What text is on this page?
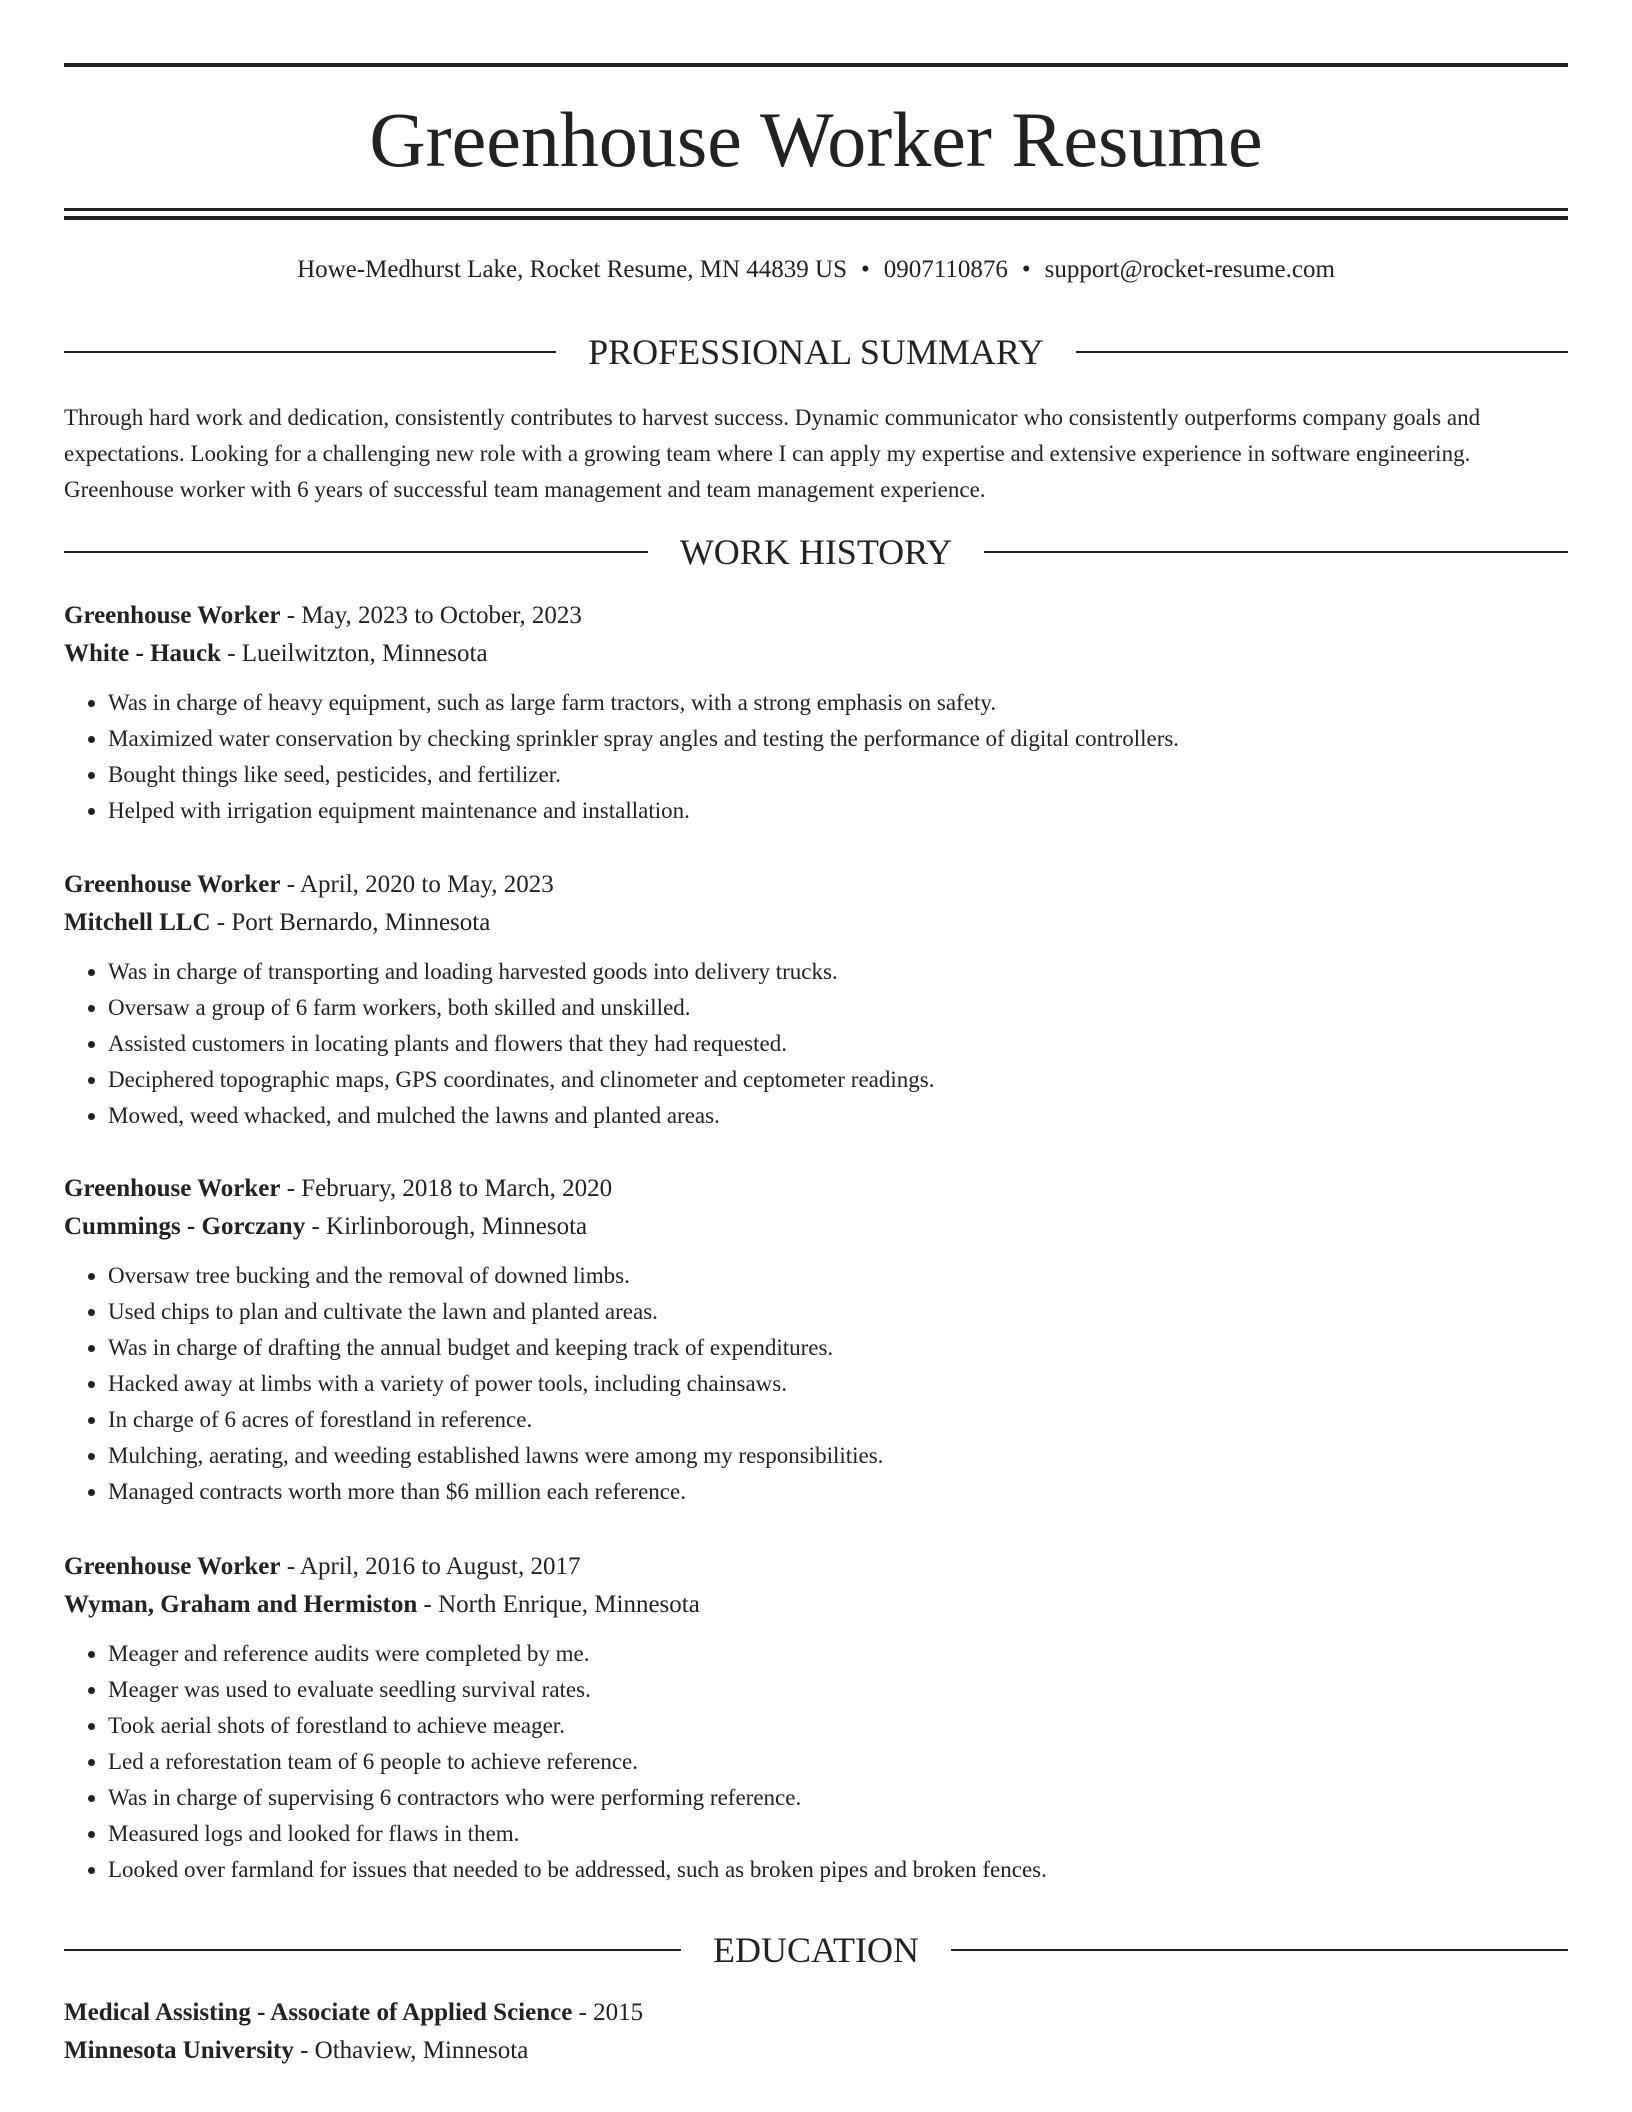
Greenhouse Worker Resume
Howe-Medhurst Lake, Rocket Resume, MN 44839 US • 0907110876 • support@rocket-resume.com
PROFESSIONAL SUMMARY

Through hard work and dedication, consistently contributes to harvest success. Dynamic communicator who consistently outperforms company goals and expectations. Looking for a challenging new role with a growing team where I can apply my expertise and extensive experience in software engineering. Greenhouse worker with 6 years of successful team management and team management experience.

WORK HISTORY

Greenhouse Worker - May, 2023 to October, 2023

White - Hauck - Lueilwitzton, Minnesota

• Was in charge of heavy equipment, such as large farm tractors, with a strong emphasis on safety.
• Maximized water conservation by checking sprinkler spray angles and testing the performance of digital controllers.
• Bought things like seed, pesticides, and fertilizer.
• Helped with irrigation equipment maintenance and installation.

Greenhouse Worker - April, 2020 to May, 2023

Mitchell LLC - Port Bernardo, Minnesota

• Was in charge of transporting and loading harvested goods into delivery trucks.
• Oversaw a group of 6 farm workers, both skilled and unskilled.
• Assisted customers in locating plants and flowers that they had requested.
• Deciphered topographic maps, GPS coordinates, and clinometer and ceptometer readings.
• Mowed, weed whacked, and mulched the lawns and planted areas.

Greenhouse Worker - February, 2018 to March, 2020

Cummings - Gorczany - Kirlinborough, Minnesota

• Oversaw tree bucking and the removal of downed limbs.
• Used chips to plan and cultivate the lawn and planted areas.
• Was in charge of drafting the annual budget and keeping track of expenditures.
• Hacked away at limbs with a variety of power tools, including chainsaws.
• In charge of 6 acres of forestland in reference.
• Mulching, aerating, and weeding established lawns were among my responsibilities.
• Managed contracts worth more than $6 million each reference.

Greenhouse Worker - April, 2016 to August, 2017

Wyman, Graham and Hermiston - North Enrique, Minnesota

• Meager and reference audits were completed by me.
• Meager was used to evaluate seedling survival rates.
• Took aerial shots of forestland to achieve meager.
• Led a reforestation team of 6 people to achieve reference.
• Was in charge of supervising 6 contractors who were performing reference.
• Measured logs and looked for flaws in them.
• Looked over farmland for issues that needed to be addressed, such as broken pipes and broken fences.
EDUCATION

Medical Assisting - Associate of Applied Science - 2015

Minnesota University - Othaview, Minnesota
